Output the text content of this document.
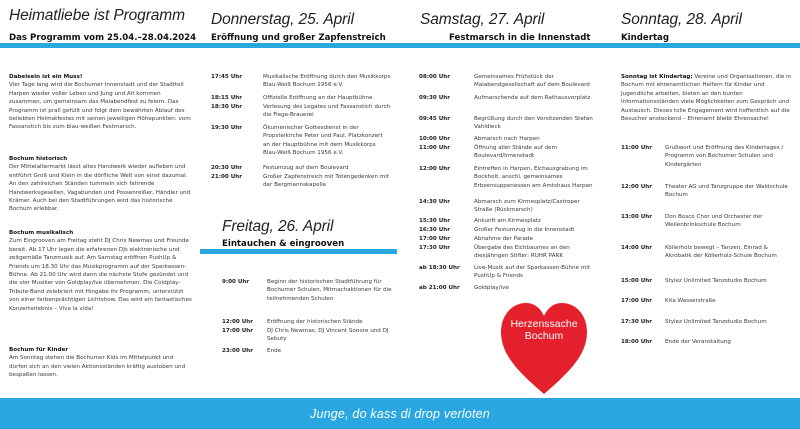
Heimatliebe ist Programm
Das Programm vom 25.04.–28.04.2024
Dabeisein ist ein Muss!
Vier Tage lang wird die Bochumer Innenstadt und der Stadtteil Harpen wieder voller Leben und Jung und Alt kommen zusammen, um gemeinsam das Maiabendfest zu feiern. Das Programm ist prall gefüllt und folgt dem bewährten Ablauf des beliebten Heimatfestes mit seinen jeweiligen Höhepunkten: vom Fassanstich bis zum blau-weißen Festmarsch.
Bochum historisch
Der Mittelaltermarkt lässt altes Handwerk wieder aufleben und entführt Groß und Klein in die dörfliche Welt von einst dazumal. An den zahlreichen Ständen tummeln sich fahrende Handwerksgesellen, Vagabunden und Possenreißer, Händler und Krämer. Auch bei den Stadtführungen wird das historische Bochum erlebbar.
Bochum musikalisch
Zum Eingrooven am Freitag steht DJ Chris Newmas und Freunde bereit. Ab 17 Uhr legen die erfahrenen DJs elektronische und zeitgemäße Tanzmusik auf. Am Samstag eröffnen PushUp & Friends um 18.30 Uhr das Musikprogramm auf der Sparkassen-Bühne. Ab 21.00 Uhr wird dann die nächste Stufe gezündet und die vier Musiker von Goldplay/ive übernehmen. Die Coldplay-Tribute-Band zelebriert mit Hingabe ihr Programm, unterstützt von einer farbenprächtigen Lichtshow. Das wird ein fantastisches Konzerterlebnis – Viva la vida!
Bochum für Kinder
Am Sonntag stehen die Bochumer Kids im Mittelpunkt und dürfen sich an den vielen Aktionsständen kräftig austoben und bespaßen lassen.
Donnerstag, 25. April
Eröffnung und großer Zapfenstreich
17:45 Uhr	Musikalische Eröffnung durch den Musikkorps Blau-Weiß Bochum 1956 e.V.
18:15 Uhr	Offizielle Eröffnung an der Hauptbühne
18:30 Uhr	Verlesung des Legates und Fassanstich durch die Fiege-Brauerei
19:30 Uhr	Ökumenischer Gottesdienst in der Propsteikirche Peter und Paul, Platzkonzert an der Hauptbühne mit dem Musikkorps Blau-Weiß Bochum 1956 e.V.
20:30 Uhr	Festumzug auf dem Boulevard
21:00 Uhr	Großer Zapfenstreich mit Totengedenken mit der Bergmannskapelle
Freitag, 26. April
Eintauchen & eingrooven
9:00 Uhr	Beginn der historischen Stadtführung für Bochumer Schulen, Mitmachaktionen für die teilnehmenden Schulen
12:00 Uhr Eröffnung der historischen Stände
17:00 Uhr DJ Chris Newmas, DJ Vincent Sonore und DJ Sebuty
23:00 Uhr Ende
Samstag, 27. April
Festmarsch in die Innenstadt
08:00 Uhr	Gemeinsames Frühstück der Maiabendgesellschaft auf dem Boulevard
09:30 Uhr	Aufmarschende auf dem Rathausvorplatz
09:45 Uhr	Begrüßung durch den Vorsitzenden Stefan Vahldieck
10:00 Uhr	Abmarsch nach Harpen
11:00 Uhr	Öffnung aller Stände auf dem Boulevard/Innenstadt
12:00 Uhr	Eintreffen in Harpen, Eichausgrabung im Bockholt, anschl. gemeinsames Erbsensuppenessen am Amtshaus Harpen
14:30 Uhr	Abmarsch zum Kirmesplatz/Castroper Straße (Rückmarsch)
15:30 Uhr	Ankunft am Kirmesplatz
16:30 Uhr	Großer Festumzug in die Innenstadt
17:00 Uhr	Abnahme der Parade
17:30 Uhr	Übergabe des Eichbaumes an den diesjährigen Stifter: RUHR PARK
ab 18:30 Uhr	Live-Musik auf der Sparkassen-Bühne mit PushUp & Friends
ab 21:00 Uhr	Goldplay/ive
Herzenssache
Bochum
Sonntag, 28. April
Kindertag
Sonntag ist Kindertag: Vereine und Organisationen, die in Bochum mit ehrenamtlichen Helfern für Kinder und Jugendliche arbeiten, bieten an den bunten Informationsständen viele Möglichkeiten zum Gespräch und Austausch. Dieses tolle Engagement wird hoffentlich auf die Besucher ansteckend – Ehrenamt bleibt Ehrensache!
11:00 Uhr Grußwort und Eröffnung des Kindertages / Programm von Bochumer Schulen und Kindergärten
12:00 Uhr Theater AG und Tanzgruppe der Waldschule Bochum
13:00 Uhr Don Bosco Chor und Orchester der Weilenbrinkschule Bochum
14:00 Uhr Köllerholz bewegt – Tanzen, Einrad & Akrobatik der Köllerholz-Schule Bochum
15:00 Uhr Stylez Unlimited Tanzstudio Bochum
17:00 Uhr Kita Wasserstraße
17:30 Uhr Stylez Unlimited Tanzstudio Bochum
18:00 Uhr Ende der Veranstaltung
Junge, do kass di drop verloten
